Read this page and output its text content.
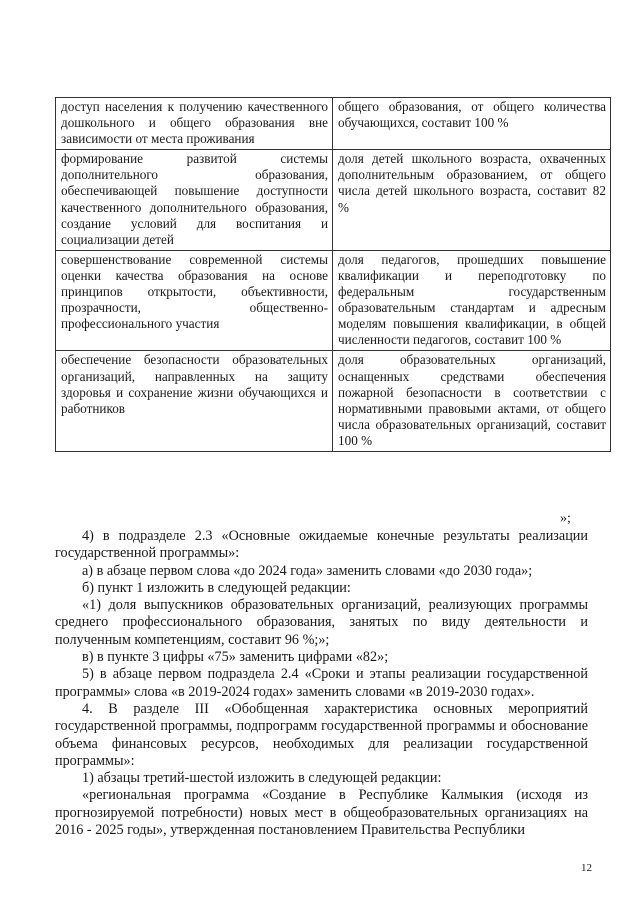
доступ населения к получению качественного дошкольного и общего образования вне зависимости от места проживания	общего образования, от общего количества обучающихся, составит 100 %
формирование развитой системы дополнительного образования, обеспечивающей повышение доступности качественного дополнительного образования, создание условий для воспитания и социализации детей	доля детей школьного возраста, охваченных дополнительным образованием, от общего числа детей школьного возраста, составит 82 %
совершенствование современной системы оценки качества образования на основе принципов открытости, объективности, прозрачности, общественно-профессионального участия	доля педагогов, прошедших повышение квалификации и переподготовку по федеральным государственным образовательным стандартам и адресным моделям повышения квалификации, в общей численности педагогов, составит 100 %
обеспечение безопасности образовательных организаций, направленных на защиту здоровья и сохранение жизни обучающихся и работников	доля образовательных организаций, оснащенных средствами обеспечения пожарной безопасности в соответствии с нормативными правовыми актами, от общего числа образовательных организаций, составит 100 %
»;

4) в подразделе 2.3 «Основные ожидаемые конечные результаты реализации государственной программы»:

а) в абзаце первом слова «до 2024 года» заменить словами «до 2030 года»;

б) пункт 1 изложить в следующей редакции:

«1) доля выпускников образовательных организаций, реализующих программы среднего профессионального образования, занятых по виду деятельности и полученным компетенциям, составит 96 %;»;

в) в пункте 3 цифры «75» заменить цифрами «82»;

5) в абзаце первом подраздела 2.4 «Сроки и этапы реализации государственной программы» слова «в 2019-2024 годах» заменить словами «в 2019-2030 годах».

4. В разделе III «Обобщенная характеристика основных мероприятий государственной программы, подпрограмм государственной программы и обоснование объема финансовых ресурсов, необходимых для реализации государственной программы»:

1) абзацы третий-шестой изложить в следующей редакции:

«региональная программа «Создание в Республике Калмыкия (исходя из прогнозируемой потребности) новых мест в общеобразовательных организациях на 2016 - 2025 годы», утвержденная постановлением Правительства Республики

12
